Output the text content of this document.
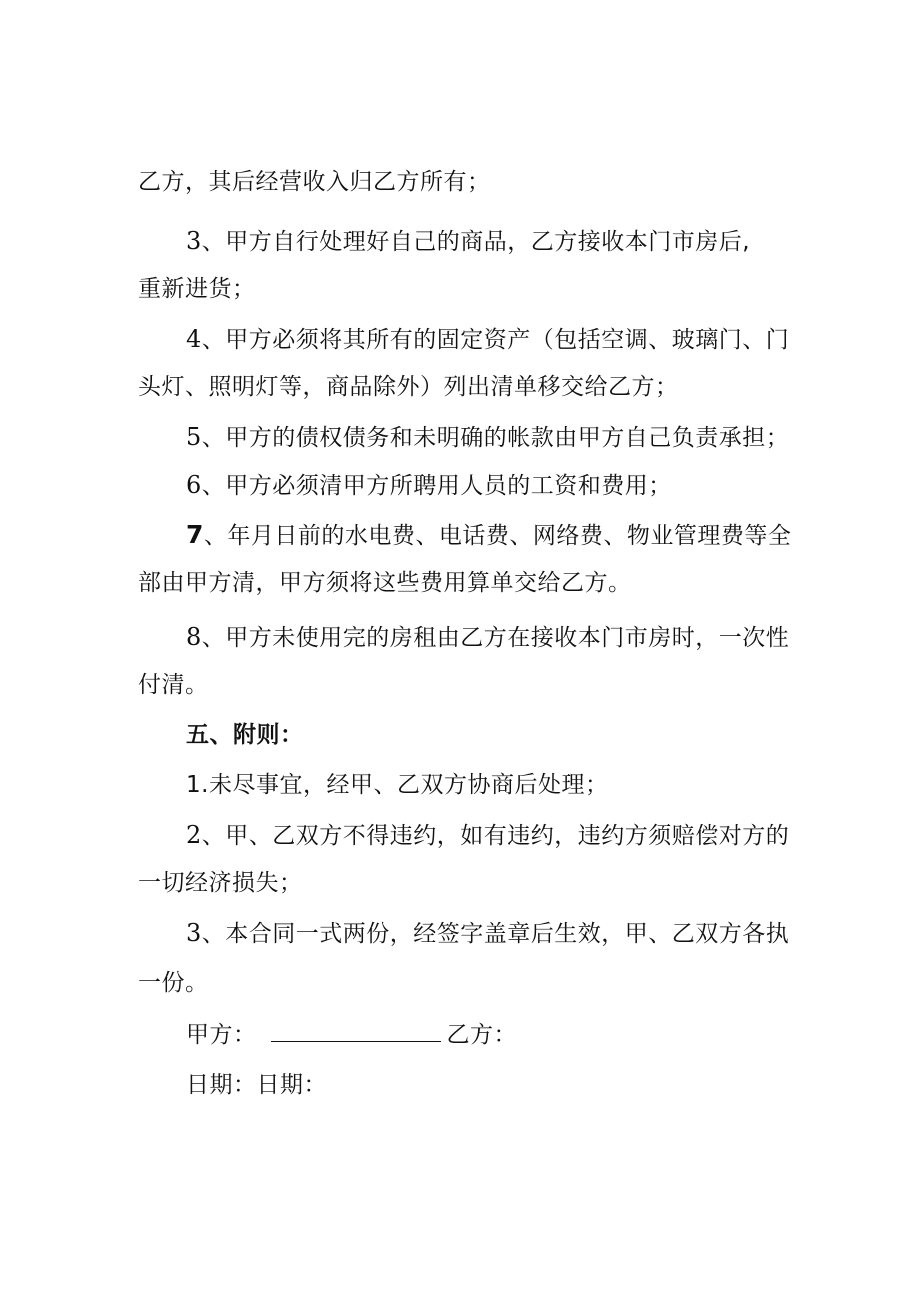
乙方，其后经营收入归乙方所有；
3、甲方自行处理好自己的商品，乙方接收本门市房后,
重新进货；
4、甲方必须将其所有的固定资产（包括空调、玻璃门、门
头灯、照明灯等，商品除外）列出清单移交给乙方；
5、甲方的债权债务和未明确的帐款由甲方自己负责承担；
6、甲方必须清甲方所聘用人员的工资和费用；
7、年月日前的水电费、电话费、网络费、物业管理费等全
部由甲方清，甲方须将这些费用算单交给乙方。
8、甲方未使用完的房租由乙方在接收本门市房时，一次性
付清。
五、附则：
1.未尽事宜，经甲、乙双方协商后处理；
2、甲、乙双方不得违约，如有违约，违约方须赔偿对方的
一切经济损失；
3、本合同一式两份，经签字盖章后生效，甲、乙双方各执
一份。
甲方：	乙方：
日期：日期：
